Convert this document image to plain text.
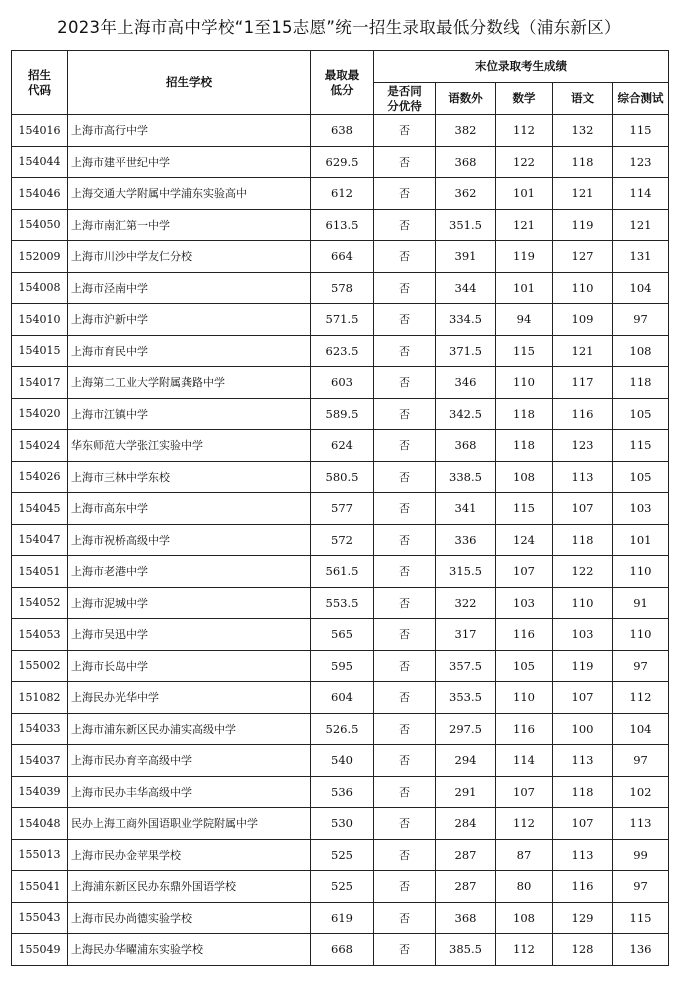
2023年上海市高中学校“1至15志愿”统一招生录取最低分数线（浦东新区）
招生代码	招生学校	最取最低分	末位录取考生成绩				
			是否同分优待	语数外	数学	语文	综合测试
154016	上海市高行中学	638	否	382	112	132	115
154044	上海市建平世纪中学	629.5	否	368	122	118	123
154046	上海交通大学附属中学浦东实验高中	612	否	362	101	121	114
154050	上海市南汇第一中学	613.5	否	351.5	121	119	121
152009	上海市川沙中学友仁分校	664	否	391	119	127	131
154008	上海市泾南中学	578	否	344	101	110	104
154010	上海市沪新中学	571.5	否	334.5	94	109	97
154015	上海市育民中学	623.5	否	371.5	115	121	108
154017	上海第二工业大学附属龚路中学	603	否	346	110	117	118
154020	上海市江镇中学	589.5	否	342.5	118	116	105
154024	华东师范大学张江实验中学	624	否	368	118	123	115
154026	上海市三林中学东校	580.5	否	338.5	108	113	105
154045	上海市高东中学	577	否	341	115	107	103
154047	上海市祝桥高级中学	572	否	336	124	118	101
154051	上海市老港中学	561.5	否	315.5	107	122	110
154052	上海市泥城中学	553.5	否	322	103	110	91
154053	上海市吴迅中学	565	否	317	116	103	110
155002	上海市长岛中学	595	否	357.5	105	119	97
151082	上海民办光华中学	604	否	353.5	110	107	112
154033	上海市浦东新区民办浦实高级中学	526.5	否	297.5	116	100	104
154037	上海市民办育辛高级中学	540	否	294	114	113	97
154039	上海市民办丰华高级中学	536	否	291	107	118	102
154048	民办上海工商外国语职业学院附属中学	530	否	284	112	107	113
155013	上海市民办金苹果学校	525	否	287	87	113	99
155041	上海浦东新区民办东鼎外国语学校	525	否	287	80	116	97
155043	上海市民办尚德实验学校	619	否	368	108	129	115
155049	上海民办华曜浦东实验学校	668	否	385.5	112	128	136
